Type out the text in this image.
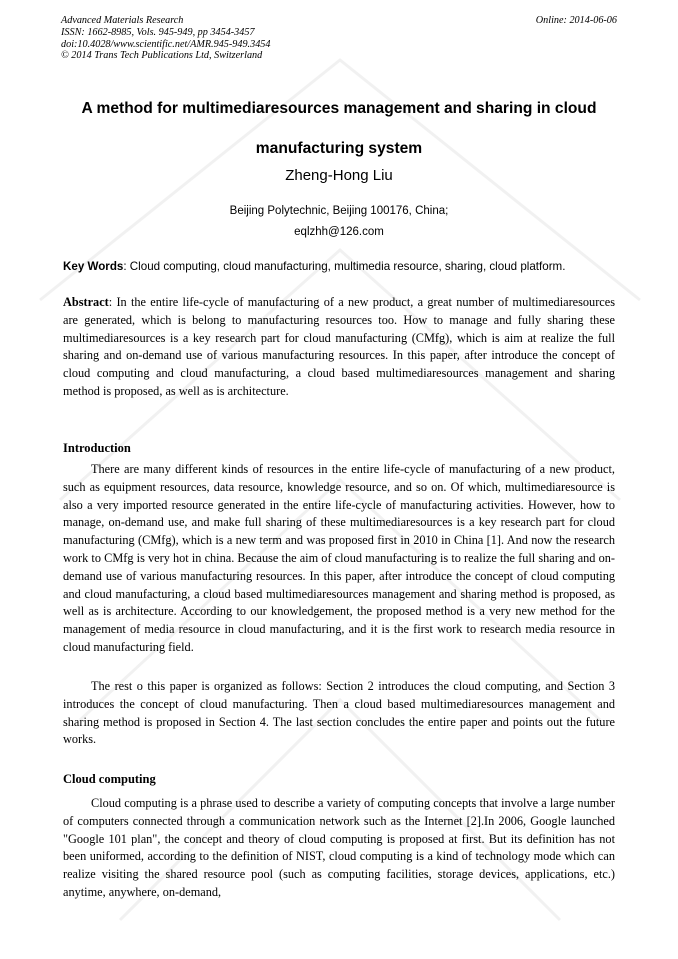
Advanced Materials Research
ISSN: 1662-8985, Vols. 945-949, pp 3454-3457
doi:10.4028/www.scientific.net/AMR.945-949.3454
© 2014 Trans Tech Publications Ltd, Switzerland
Online: 2014-06-06
A method for multimediaresources management and sharing in cloud
manufacturing system
Zheng-Hong Liu
Beijing Polytechnic, Beijing 100176, China;
eqlzhh@126.com
Key Words: Cloud computing, cloud manufacturing, multimedia resource, sharing, cloud platform.
Abstract: In the entire life-cycle of manufacturing of a new product, a great number of multimediaresources are generated, which is belong to manufacturing resources too. How to manage and fully sharing these multimediaresources is a key research part for cloud manufacturing (CMfg), which is aim at realize the full sharing and on-demand use of various manufacturing resources. In this paper, after introduce the concept of cloud computing and cloud manufacturing, a cloud based multimediaresources management and sharing method is proposed, as well as is architecture.
Introduction
There are many different kinds of resources in the entire life-cycle of manufacturing of a new product, such as equipment resources, data resource, knowledge resource, and so on. Of which, multimediaresource is also a very imported resource generated in the entire life-cycle of manufacturing activities. However, how to manage, on-demand use, and make full sharing of these multimediaresources is a key research part for cloud manufacturing (CMfg), which is a new term and was proposed first in 2010 in China [1]. And now the research work to CMfg is very hot in china. Because the aim of cloud manufacturing is to realize the full sharing and on-demand use of various manufacturing resources. In this paper, after introduce the concept of cloud computing and cloud manufacturing, a cloud based multimediaresources management and sharing method is proposed, as well as is architecture. According to our knowledgement, the proposed method is a very new method for the management of media resource in cloud manufacturing, and it is the first work to research media resource in cloud manufacturing field.
The rest o this paper is organized as follows: Section 2 introduces the cloud computing, and Section 3 introduces the concept of cloud manufacturing. Then a cloud based multimediaresources management and sharing method is proposed in Section 4. The last section concludes the entire paper and points out the future works.
Cloud computing
Cloud computing is a phrase used to describe a variety of computing concepts that involve a large number of computers connected through a communication network such as the Internet [2].In 2006, Google launched "Google 101 plan", the concept and theory of cloud computing is proposed at first. But its definition has not been uniformed, according to the definition of NIST, cloud computing is a kind of technology mode which can realize visiting the shared resource pool (such as computing facilities, storage devices, applications, etc.) anytime, anywhere, on-demand,
